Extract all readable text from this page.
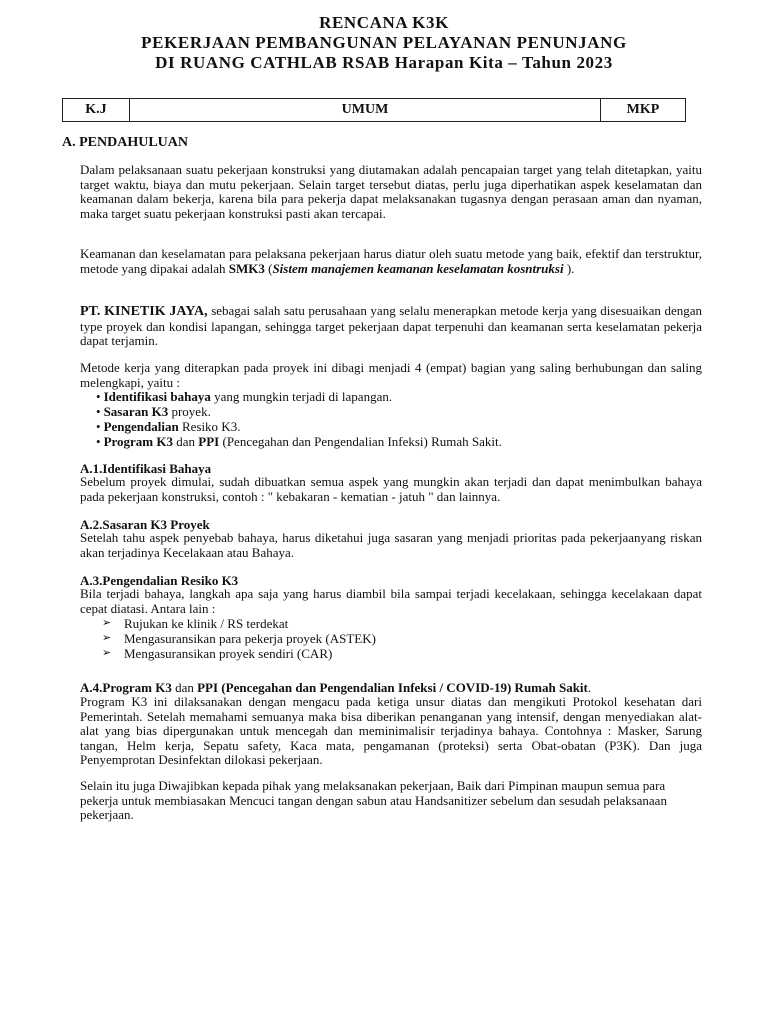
RENCANA K3K
PEKERJAAN PEMBANGUNAN PELAYANAN PENUNJANG
DI RUANG CATHLAB RSAB Harapan Kita – Tahun 2023
K.J	UMUM	MKP
A. PENDAHULUAN
Dalam pelaksanaan suatu pekerjaan konstruksi yang diutamakan adalah pencapaian target yang telah ditetapkan, yaitu target waktu, biaya dan mutu pekerjaan. Selain target tersebut diatas, perlu juga diperhatikan aspek keselamatan dan keamanan dalam bekerja, karena bila para pekerja dapat melaksanakan tugasnya dengan perasaan aman dan nyaman, maka target suatu pekerjaan konstruksi pasti akan tercapai.
Keamanan dan keselamatan para pelaksana pekerjaan harus diatur oleh suatu metode yang baik, efektif dan terstruktur, metode yang dipakai adalah SMK3 (Sistem manajemen keamanan keselamatan kosntruksi ).
PT. KINETIK JAYA, sebagai salah satu perusahaan yang selalu menerapkan metode kerja yang disesuaikan dengan type proyek dan kondisi lapangan, sehingga target pekerjaan dapat terpenuhi dan keamanan serta keselamatan pekerja dapat terjamin.
Metode kerja yang diterapkan pada proyek ini dibagi menjadi 4 (empat) bagian yang saling berhubungan dan saling melengkapi, yaitu :
• Identifikasi bahaya yang mungkin terjadi di lapangan.
• Sasaran K3 proyek.
• Pengendalian Resiko K3.
• Program K3 dan PPI (Pencegahan dan Pengendalian Infeksi) Rumah Sakit.
A.1.Identifikasi Bahaya
Sebelum proyek dimulai, sudah dibuatkan semua aspek yang mungkin akan terjadi dan dapat menimbulkan bahaya pada pekerjaan konstruksi, contoh : " kebakaran - kematian - jatuh " dan lainnya.
A.2.Sasaran K3 Proyek
Setelah tahu aspek penyebab bahaya, harus diketahui juga sasaran yang menjadi prioritas pada pekerjaanyang riskan akan terjadinya Kecelakaan atau Bahaya.
A.3.Pengendalian Resiko K3
Bila terjadi bahaya, langkah apa saja yang harus diambil bila sampai terjadi kecelakaan, sehingga kecelakaan dapat cepat diatasi. Antara lain :
➢ Rujukan ke klinik / RS terdekat
➢ Mengasuransikan para pekerja proyek (ASTEK)
➢ Mengasuransikan proyek sendiri (CAR)
A.4.Program K3 dan PPI (Pencegahan dan Pengendalian Infeksi / COVID-19) Rumah Sakit.
Program K3 ini dilaksanakan dengan mengacu pada ketiga unsur diatas dan mengikuti Protokol kesehatan dari Pemerintah. Setelah memahami semuanya maka bisa diberikan penanganan yang intensif, dengan menyediakan alat-alat yang bias dipergunakan untuk mencegah dan meminimalisir terjadinya bahaya. Contohnya : Masker, Sarung tangan, Helm kerja, Sepatu safety, Kaca mata, pengamanan (proteksi) serta Obat-obatan (P3K). Dan juga Penyemprotan Desinfektan dilokasi pekerjaan.
Selain itu juga Diwajibkan kepada pihak yang melaksanakan pekerjaan, Baik dari Pimpinan maupun semua para pekerja untuk membiasakan Mencuci tangan dengan sabun atau Handsanitizer sebelum dan sesudah pelaksanaan pekerjaan.
